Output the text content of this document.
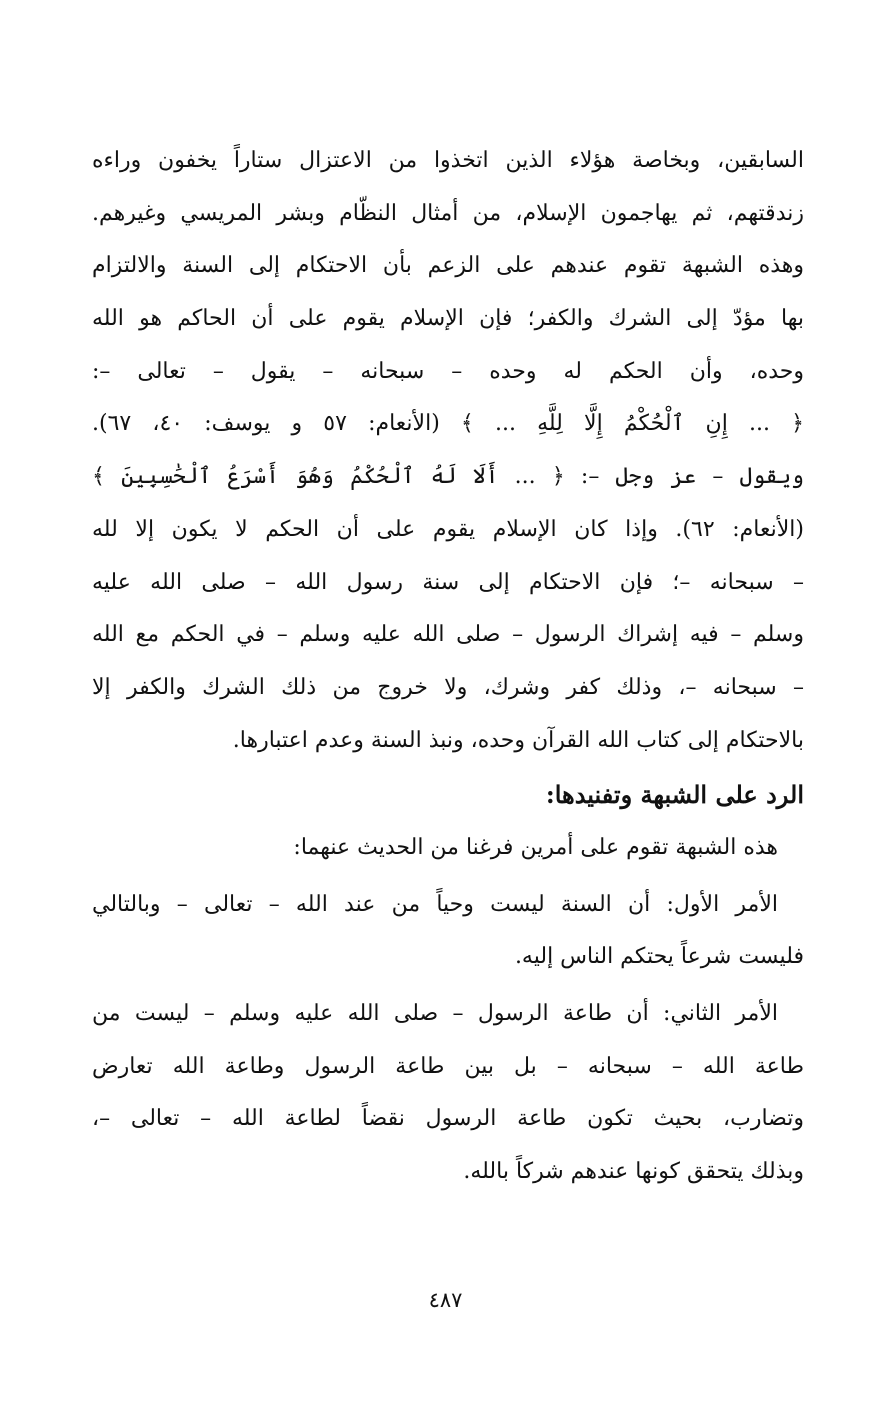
السابقين، وبخاصة هؤلاء الذين اتخذوا من الاعتزال ستاراً يخفون وراءه
زندقتهم، ثم يهاجمون الإسلام، من أمثال النظّام وبشر المريسي وغيرهم.
وهذه الشبهة تقوم عندهم على الزعم بأن الاحتكام إلى السنة والالتزام
بها مؤدّ إلى الشرك والكفر؛ فإن الإسلام يقوم على أن الحاكم هو الله
وحده، وأن الحكم له وحده – سبحانه – يقول – تعالى –:
﴿ ... إِنِ ٱلْحُكْمُ إِلَّا لِلَّهِ ... ﴾ (الأنعام: ٥٧ و يوسف: ٤٠، ٦٧).
ويقول – عز وجل –: ﴿ ... أَلَا لَهُ ٱلْحُكْمُ وَهُوَ أَسْرَعُ ٱلْحَٰسِبِينَ ﴾
(الأنعام: ٦٢). وإذا كان الإسلام يقوم على أن الحكم لا يكون إلا لله
– سبحانه –؛ فإن الاحتكام إلى سنة رسول الله – صلى الله عليه
وسلم – فيه إشراك الرسول – صلى الله عليه وسلم – في الحكم مع الله
– سبحانه –، وذلك كفر وشرك، ولا خروج من ذلك الشرك والكفر إلا
بالاحتكام إلى كتاب الله القرآن وحده، ونبذ السنة وعدم اعتبارها.
الرد على الشبهة وتفنيدها:
هذه الشبهة تقوم على أمرين فرغنا من الحديث عنهما:
الأمر الأول: أن السنة ليست وحياً من عند الله – تعالى – وبالتالي
فليست شرعاً يحتكم الناس إليه.
الأمر الثاني: أن طاعة الرسول – صلى الله عليه وسلم – ليست من
طاعة الله – سبحانه – بل بين طاعة الرسول وطاعة الله تعارض
وتضارب، بحيث تكون طاعة الرسول نقضاً لطاعة الله – تعالى –،
وبذلك يتحقق كونها عندهم شركاً بالله.
٤٨٧
